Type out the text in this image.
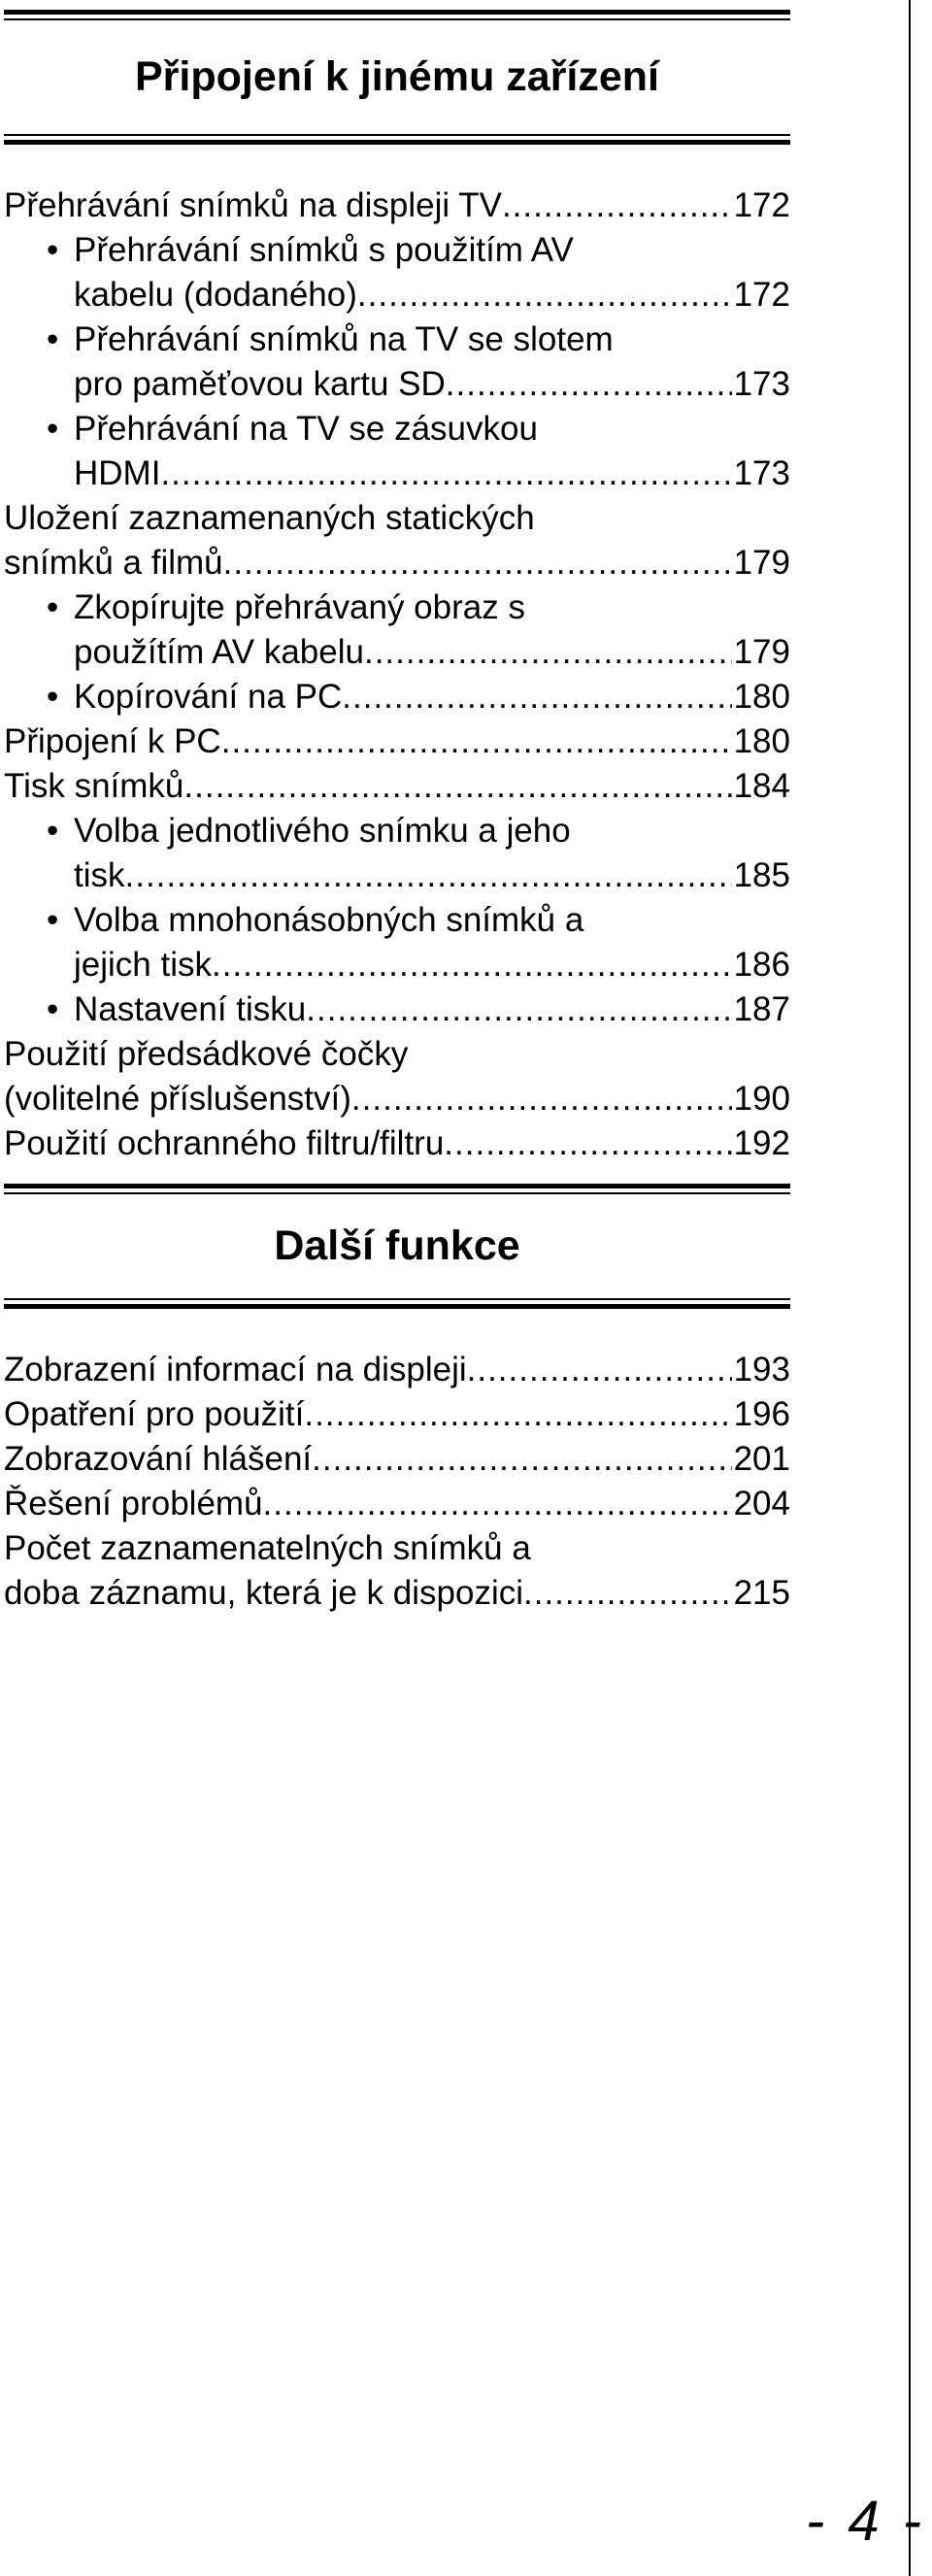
Připojení k jinému zařízení
Přehrávání snímků na displeji TV .....	172
• Přehrávání snímků s použitím AV
kabelu (dodaného) .....	172
• Přehrávání snímků na TV se slotem
pro paměťovou kartu SD .....	173
• Přehrávání na TV se zásuvkou
HDMI .....	173
Uložení zaznamenaných statických
snímků a filmů .....	179
• Zkopírujte přehrávaný obraz s
použítím AV kabelu .....	179
• Kopírování na PC .....	180
Připojení k PC .....	180
Tisk snímků .....	184
• Volba jednotlivého snímku a jeho
tisk .....	185
• Volba mnohonásobných snímků a
jejich tisk .....	186
• Nastavení tisku .....	187
Použití předsádkové čočky
(volitelné příslušenství) .....	190
Použití ochranného filtru/filtru .....	192
Další funkce
Zobrazení informací na displeji .....	193
Opatření pro použití .....	196
Zobrazování hlášení .....	201
Řešení problémů .....	204
Počet zaznamenatelných snímků a
doba záznamu, která je k dispozici .....	215
- 4 -
